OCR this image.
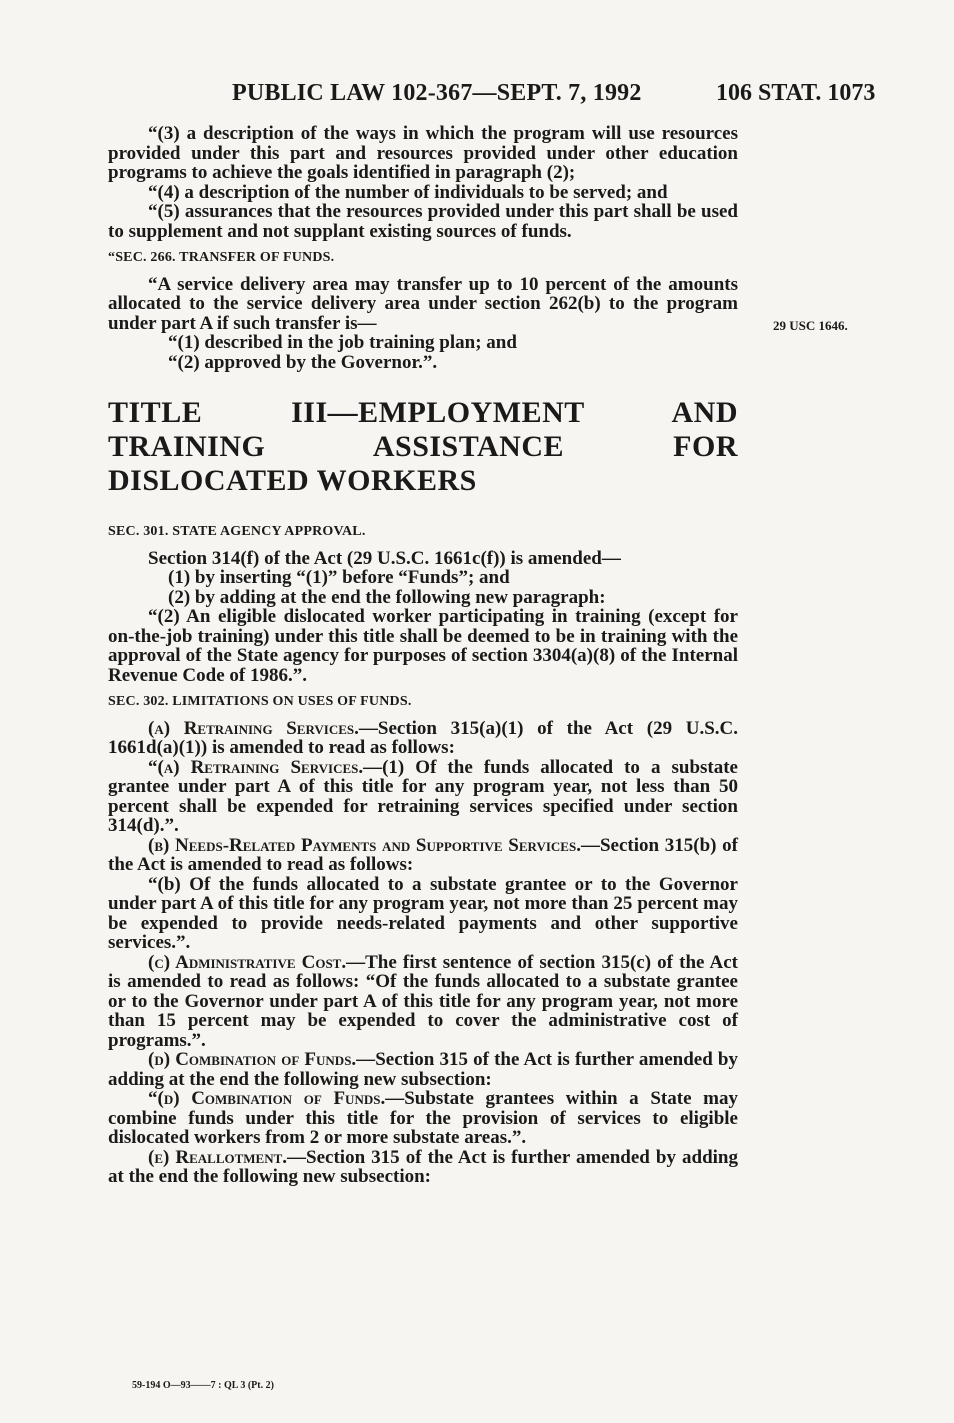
PUBLIC LAW 102-367—SEPT. 7, 1992	106 STAT. 1073
29 USC 1646.

“(3) a description of the ways in which the program will use resources provided under this part and resources provided under other education programs to achieve the goals identified in paragraph (2);

“(4) a description of the number of individuals to be served; and

“(5) assurances that the resources provided under this part shall be used to supplement and not supplant existing sources of funds.

“SEC. 266. TRANSFER OF FUNDS.

“A service delivery area may transfer up to 10 percent of the amounts allocated to the service delivery area under section 262(b) to the program under part A if such transfer is—

“(1) described in the job training plan; and

“(2) approved by the Governor.”.

TITLE III—EMPLOYMENT AND TRAINING ASSISTANCE FOR DISLOCATED WORKERS

SEC. 301. STATE AGENCY APPROVAL.

Section 314(f) of the Act (29 U.S.C. 1661c(f)) is amended—

(1) by inserting “(1)” before “Funds”; and

(2) by adding at the end the following new paragraph:

“(2) An eligible dislocated worker participating in training (except for on-the-job training) under this title shall be deemed to be in training with the approval of the State agency for purposes of section 3304(a)(8) of the Internal Revenue Code of 1986.”.

SEC. 302. LIMITATIONS ON USES OF FUNDS.

(a) Retraining Services.—Section 315(a)(1) of the Act (29 U.S.C. 1661d(a)(1)) is amended to read as follows:

“(a) Retraining Services.—(1) Of the funds allocated to a substate grantee under part A of this title for any program year, not less than 50 percent shall be expended for retraining services specified under section 314(d).”.

(b) Needs-Related Payments and Supportive Services.—Section 315(b) of the Act is amended to read as follows:

“(b) Of the funds allocated to a substate grantee or to the Governor under part A of this title for any program year, not more than 25 percent may be expended to provide needs-related payments and other supportive services.”.

(c) Administrative Cost.—The first sentence of section 315(c) of the Act is amended to read as follows: “Of the funds allocated to a substate grantee or to the Governor under part A of this title for any program year, not more than 15 percent may be expended to cover the administrative cost of programs.”.

(d) Combination of Funds.—Section 315 of the Act is further amended by adding at the end the following new subsection:

“(d) Combination of Funds.—Substate grantees within a State may combine funds under this title for the provision of services to eligible dislocated workers from 2 or more substate areas.”.

(e) Reallotment.—Section 315 of the Act is further amended by adding at the end the following new subsection:

59-194 O—93——7 : QL 3 (Pt. 2)
